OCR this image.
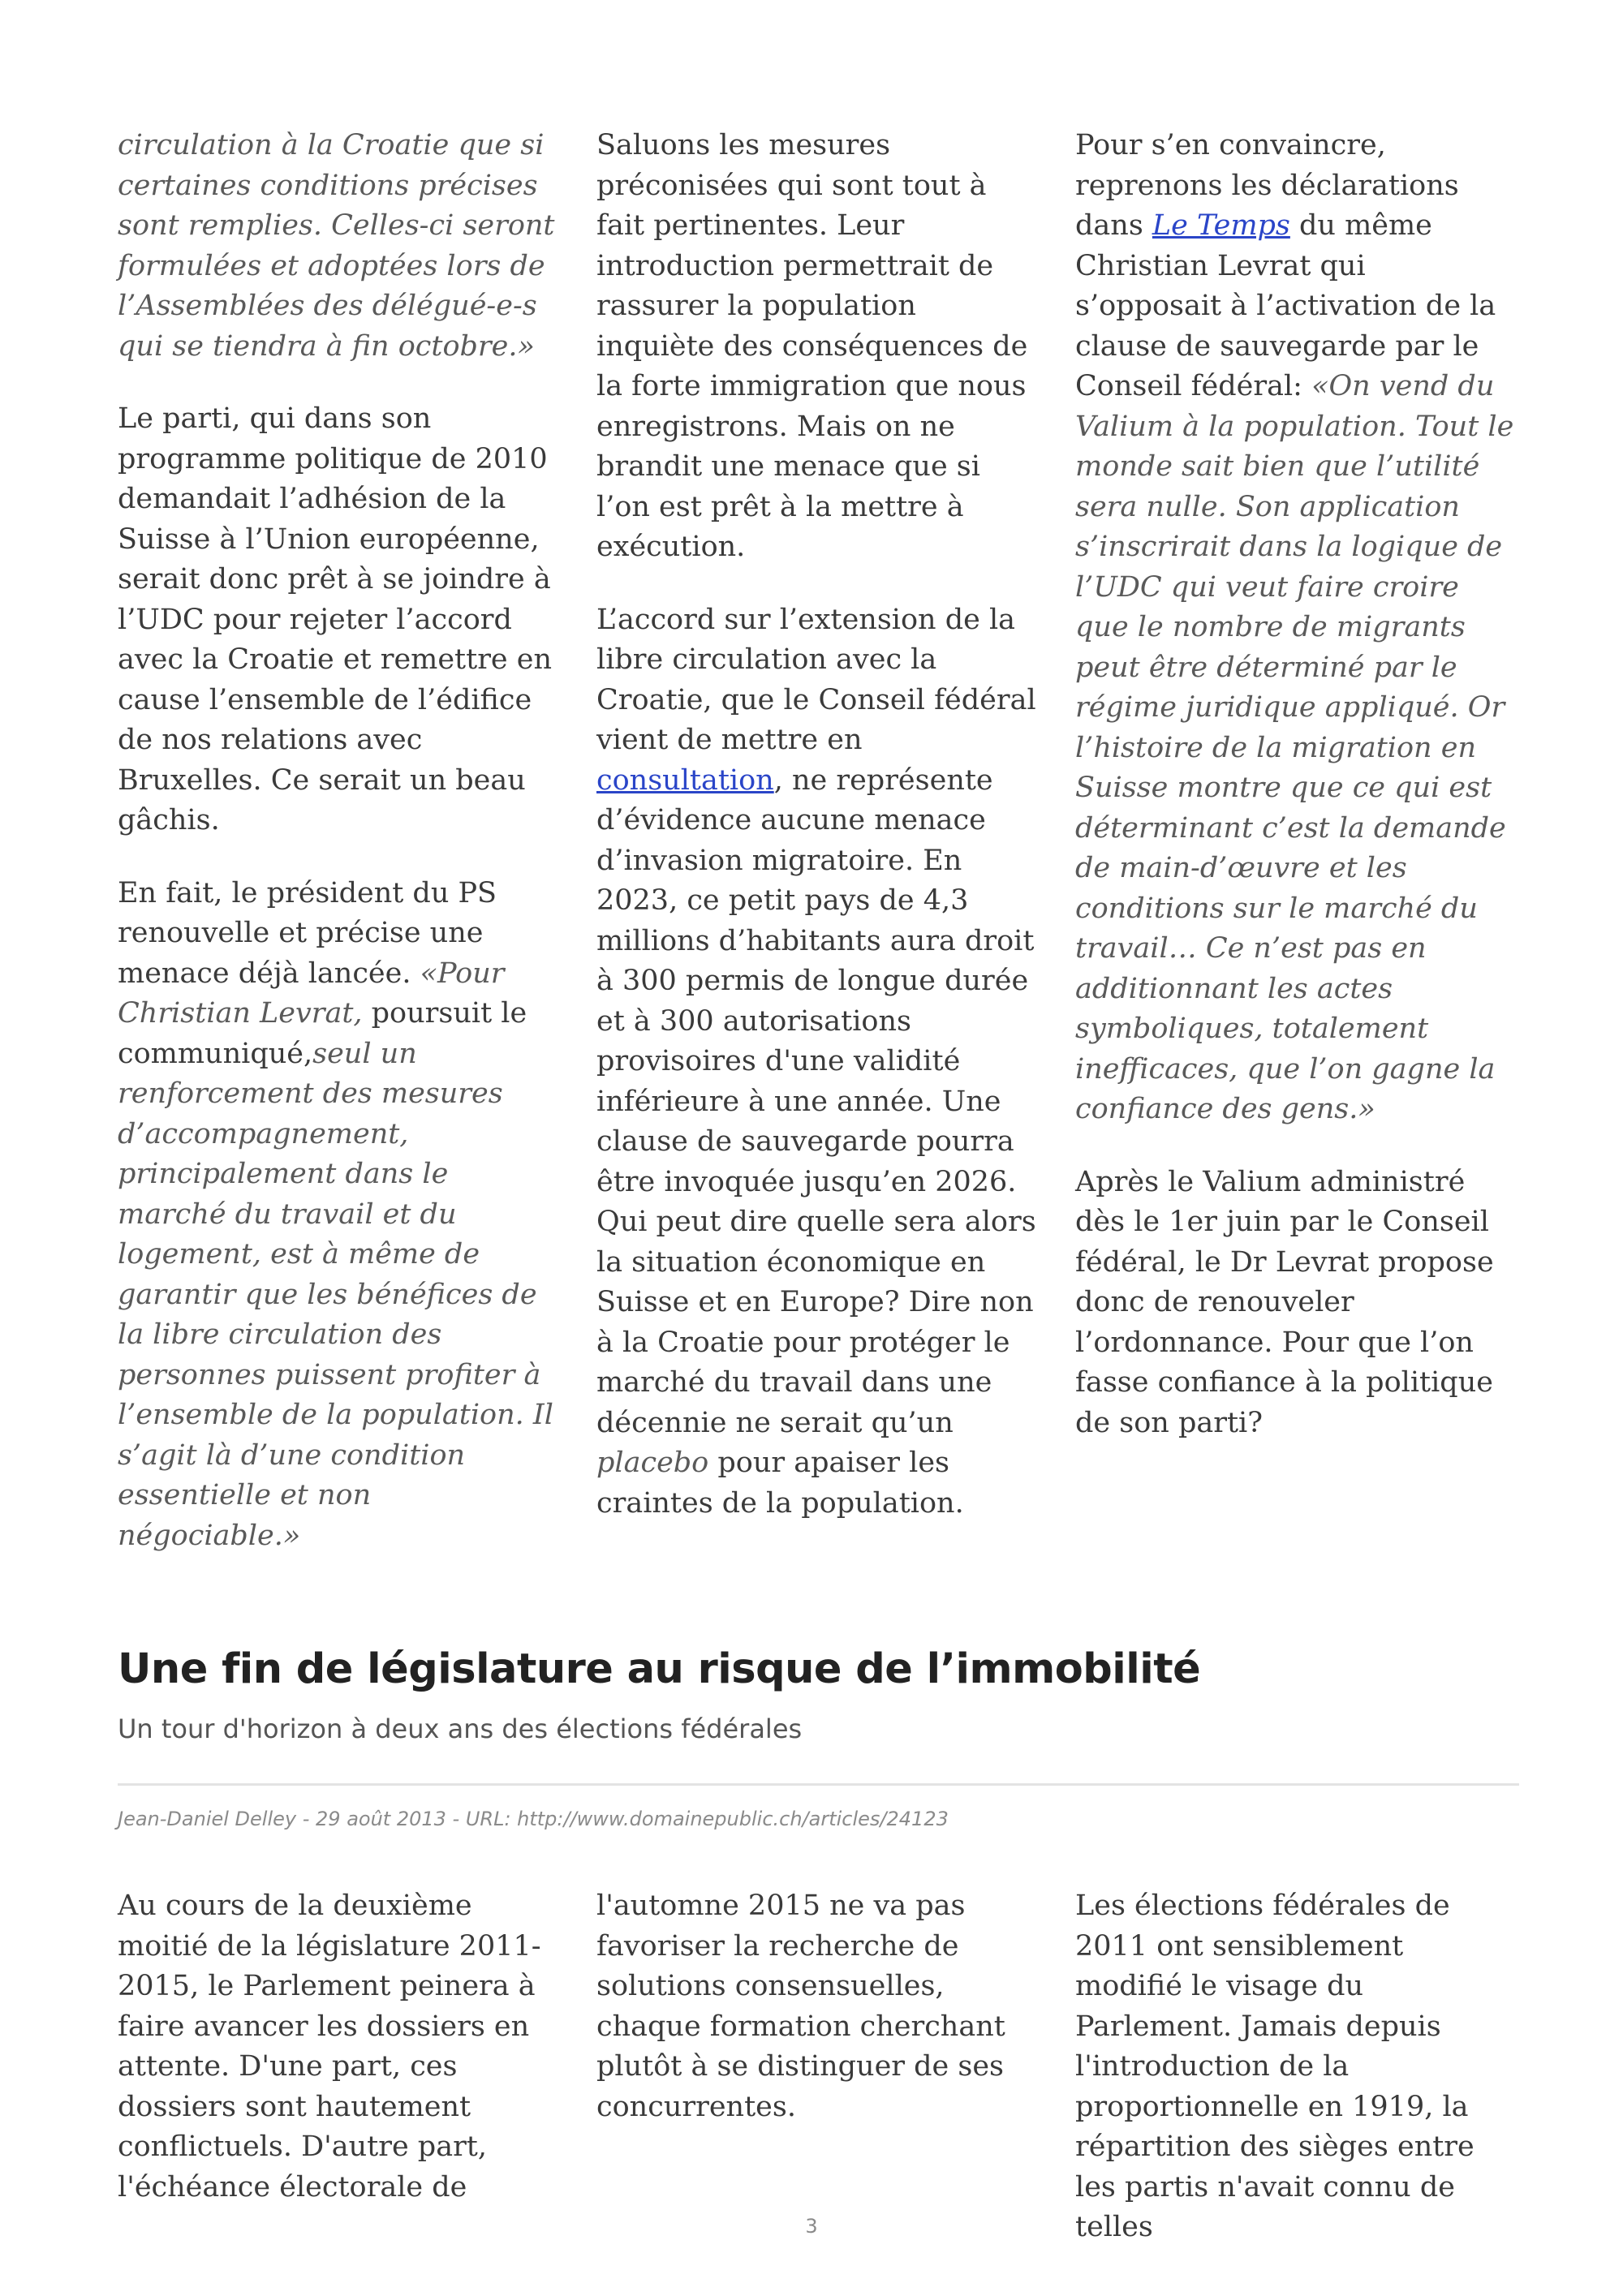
circulation à la Croatie que si certaines conditions précises sont remplies. Celles-ci seront formulées et adoptées lors de l’Assemblées des délégué-e-s qui se tiendra à fin octobre.»

Le parti, qui dans son programme politique de 2010 demandait l’adhésion de la Suisse à l’Union européenne, serait donc prêt à se joindre à l’UDC pour rejeter l’accord avec la Croatie et remettre en cause l’ensemble de l’édifice de nos relations avec Bruxelles. Ce serait un beau gâchis.

En fait, le président du PS renouvelle et précise une menace déjà lancée. «Pour Christian Levrat, poursuit le communiqué,seul un renforcement des mesures d’accompagnement, principalement dans le marché du travail et du logement, est à même de garantir que les bénéfices de la libre circulation des personnes puissent profiter à l’ensemble de la population. Il s’agit là d’une condition essentielle et non négociable.»

Saluons les mesures préconisées qui sont tout à fait pertinentes. Leur introduction permettrait de rassurer la population inquiète des conséquences de la forte immigration que nous enregistrons. Mais on ne brandit une menace que si l’on est prêt à la mettre à exécution.

L’accord sur l’extension de la libre circulation avec la Croatie, que le Conseil fédéral vient de mettre en consultation, ne représente d’évidence aucune menace d’invasion migratoire. En 2023, ce petit pays de 4,3 millions d’habitants aura droit à 300 permis de longue durée et à 300 autorisations provisoires d'une validité inférieure à une année. Une clause de sauvegarde pourra être invoquée jusqu’en 2026. Qui peut dire quelle sera alors la situation économique en Suisse et en Europe? Dire non à la Croatie pour protéger le marché du travail dans une décennie ne serait qu’un placebo pour apaiser les craintes de la population.

Pour s’en convaincre, reprenons les déclarations dans Le Temps du même Christian Levrat qui s’opposait à l’activation de la clause de sauvegarde par le Conseil fédéral: «On vend du Valium à la population. Tout le monde sait bien que l’utilité sera nulle. Son application s’inscrirait dans la logique de l’UDC qui veut faire croire que le nombre de migrants peut être déterminé par le régime juridique appliqué. Or l’histoire de la migration en Suisse montre que ce qui est déterminant c’est la demande de main-d’œuvre et les conditions sur le marché du travail… Ce n’est pas en additionnant les actes symboliques, totalement inefficaces, que l’on gagne la confiance des gens.»

Après le Valium administré dès le 1er juin par le Conseil fédéral, le Dr Levrat propose donc de renouveler l’ordonnance. Pour que l’on fasse confiance à la politique de son parti?

Une fin de législature au risque de l’immobilité
Un tour d'horizon à deux ans des élections fédérales
Jean-Daniel Delley - 29 août 2013 - URL: http://www.domainepublic.ch/articles/24123

Au cours de la deuxième moitié de la législature 2011-2015, le Parlement peinera à faire avancer les dossiers en attente. D'une part, ces dossiers sont hautement conflictuels. D'autre part, l'échéance électorale de

l'automne 2015 ne va pas favoriser la recherche de solutions consensuelles, chaque formation cherchant plutôt à se distinguer de ses concurrentes.

Les élections fédérales de 2011 ont sensiblement modifié le visage du Parlement. Jamais depuis l'introduction de la proportionnelle en 1919, la répartition des sièges entre les partis n'avait connu de telles

3
